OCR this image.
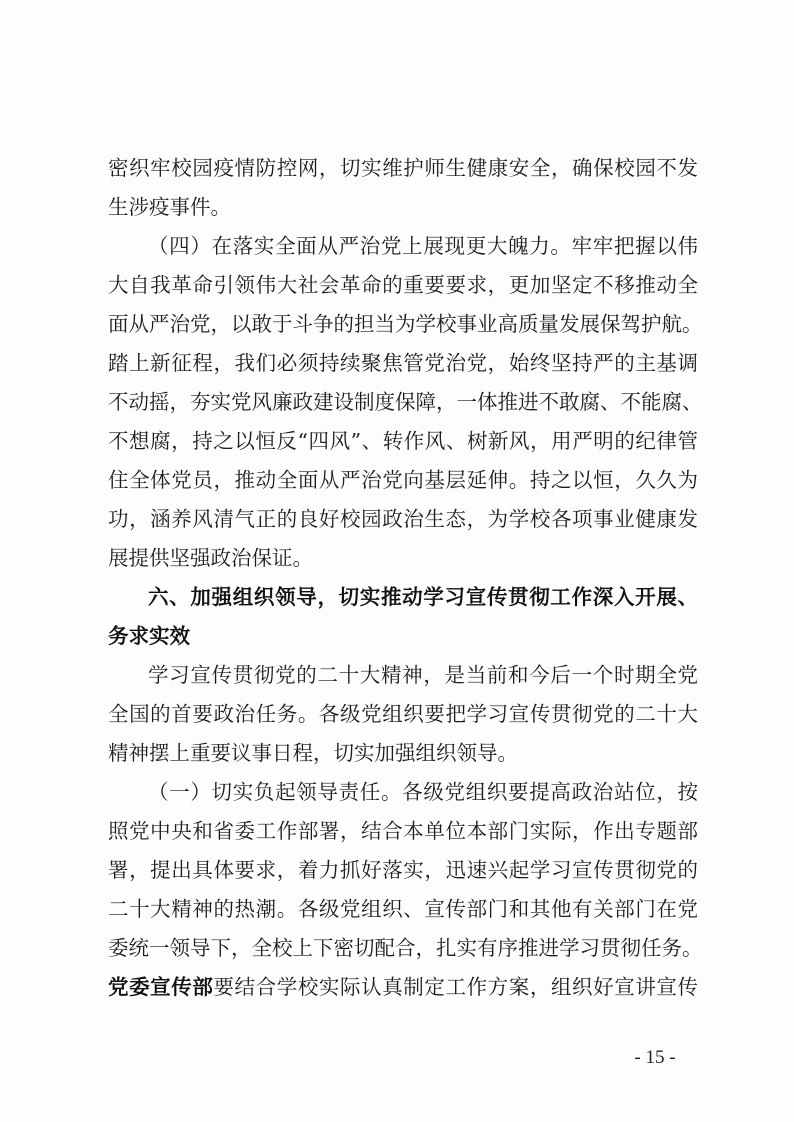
密织牢校园疫情防控网，切实维护师生健康安全，确保校园不发
生涉疫事件。
（四）在落实全面从严治党上展现更大魄力。牢牢把握以伟
大自我革命引领伟大社会革命的重要要求，更加坚定不移推动全
面从严治党，以敢于斗争的担当为学校事业高质量发展保驾护航。
踏上新征程，我们必须持续聚焦管党治党，始终坚持严的主基调
不动摇，夯实党风廉政建设制度保障，一体推进不敢腐、不能腐、
不想腐，持之以恒反“四风”、转作风、树新风，用严明的纪律管
住全体党员，推动全面从严治党向基层延伸。持之以恒，久久为
功，涵养风清气正的良好校园政治生态，为学校各项事业健康发
展提供坚强政治保证。
六、加强组织领导，切实推动学习宣传贯彻工作深入开展、
务求实效
学习宣传贯彻党的二十大精神，是当前和今后一个时期全党
全国的首要政治任务。各级党组织要把学习宣传贯彻党的二十大
精神摆上重要议事日程，切实加强组织领导。
（一）切实负起领导责任。各级党组织要提高政治站位，按
照党中央和省委工作部署，结合本单位本部门实际，作出专题部
署，提出具体要求，着力抓好落实，迅速兴起学习宣传贯彻党的
二十大精神的热潮。各级党组织、宣传部门和其他有关部门在党
委统一领导下，全校上下密切配合，扎实有序推进学习贯彻任务。
党委宣传部要结合学校实际认真制定工作方案，组织好宣讲宣传
- 15 -
